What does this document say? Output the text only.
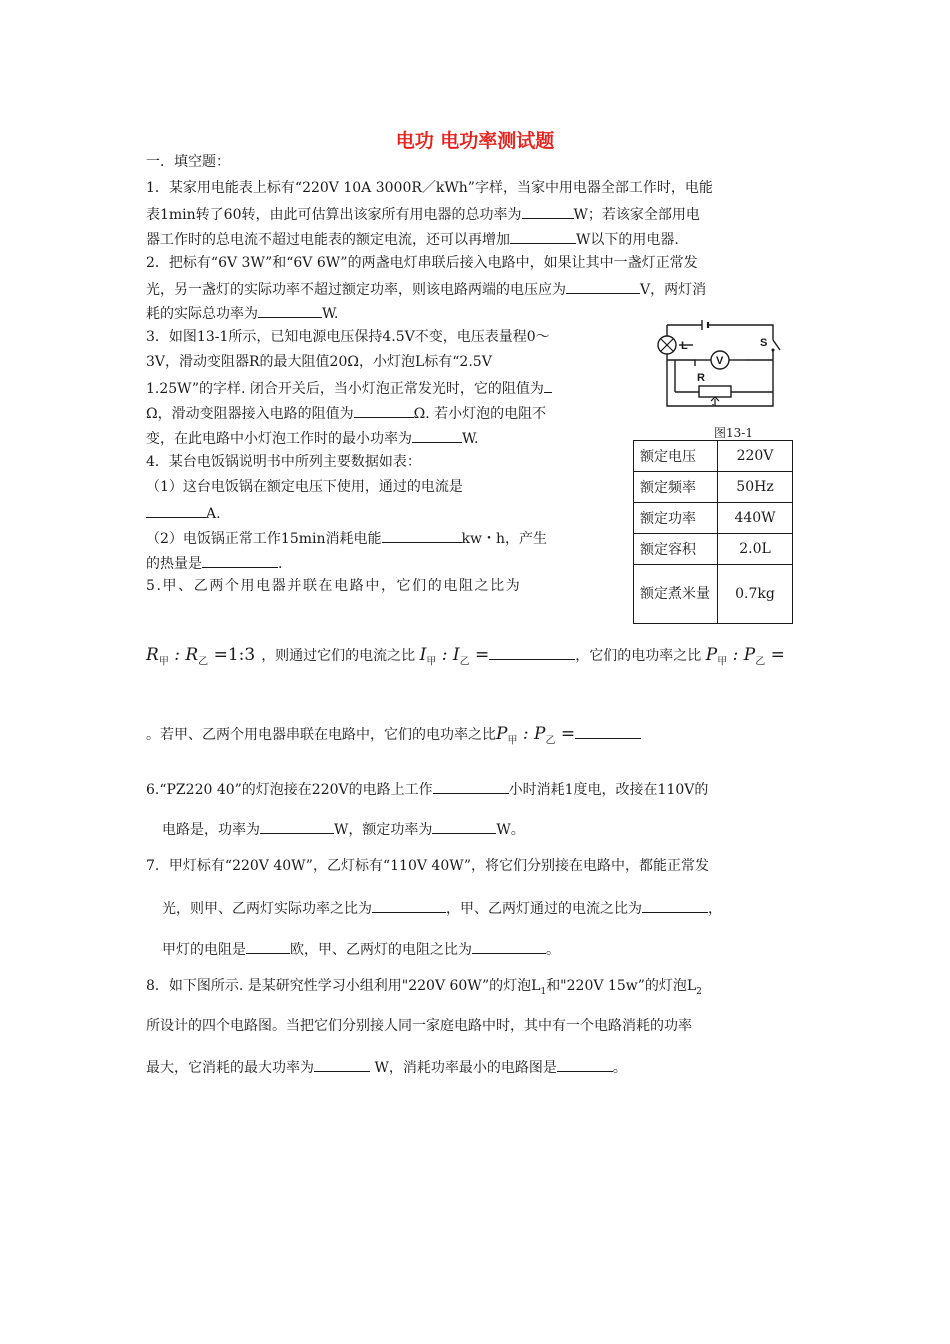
电功 电功率测试题
一．填空题：
1．某家用电能表上标有“220V 10A 3000R／kWh”字样，当家中用电器全部工作时，电能
表1min转了60转，由此可估算出该家所有用电器的总功率为	W；若该家全部用电
器工作时的总电流不超过电能表的额定电流，还可以再增加	W以下的用电器.
2．把标有“6V 3W”和“6V 6W”的两盏电灯串联后接入电路中，如果让其中一盏灯正常发
光，另一盏灯的实际功率不超过额定功率，则该电路两端的电压应为	V，两灯消
耗的实际总功率为	W.
3．如图13-1所示，已知电源电压保持4.5V不变，电压表量程0～
3V，滑动变阻器R的最大阻值20Ω，小灯泡L标有“2.5V
1.25W”的字样. 闭合开关后，当小灯泡正常发光时，它的阻值为
Ω，滑动变阻器接入电路的阻值为	Ω. 若小灯泡的电阻不
变，在此电路中小灯泡工作时的最小功率为	W.
L	S
V
R
图13-1
4．某台电饭锅说明书中所列主要数据如表：
（1）这台电饭锅在额定电压下使用，通过的电流是
A.
（2）电饭锅正常工作15min消耗电能	kw・h，产生
的热量是	.
额定电压	220V
额定频率	50Hz
额定功率	440W
额定容积	2.0L
额定煮米量	0.7kg
5.甲、乙两个用电器并联在电路中，它们的电阻之比为
$R_甲$ : $R_乙$ =1:3 ，则通过它们的电流之比 $I_甲$ : $I_乙$ =	，它们的电功率之比 $P_甲$ : $P_乙$ =
。若甲、乙两个用电器串联在电路中，它们的电功率之比$P_甲$ : $P_乙$ =
6.“PZ220 40”的灯泡接在220V的电路上工作	小时消耗1度电，改接在110V的
电路是，功率为	W，额定功率为	W。
7．甲灯标有“220V 40W”，乙灯标有“110V 40W”，将它们分别接在电路中，都能正常发
光，则甲、乙两灯实际功率之比为	，甲、乙两灯通过的电流之比为	，
甲灯的电阻是	欧，甲、乙两灯的电阻之比为	。
8．如下图所示. 是某研究性学习小组利用"220V 60W”的灯泡$L_1$和"220V 15w”的灯泡$L_2$
所设计的四个电路图。当把它们分别接人同一家庭电路中时，其中有一个电路消耗的功率
最大，它消耗的最大功率为	W，消耗功率最小的电路图是	。
